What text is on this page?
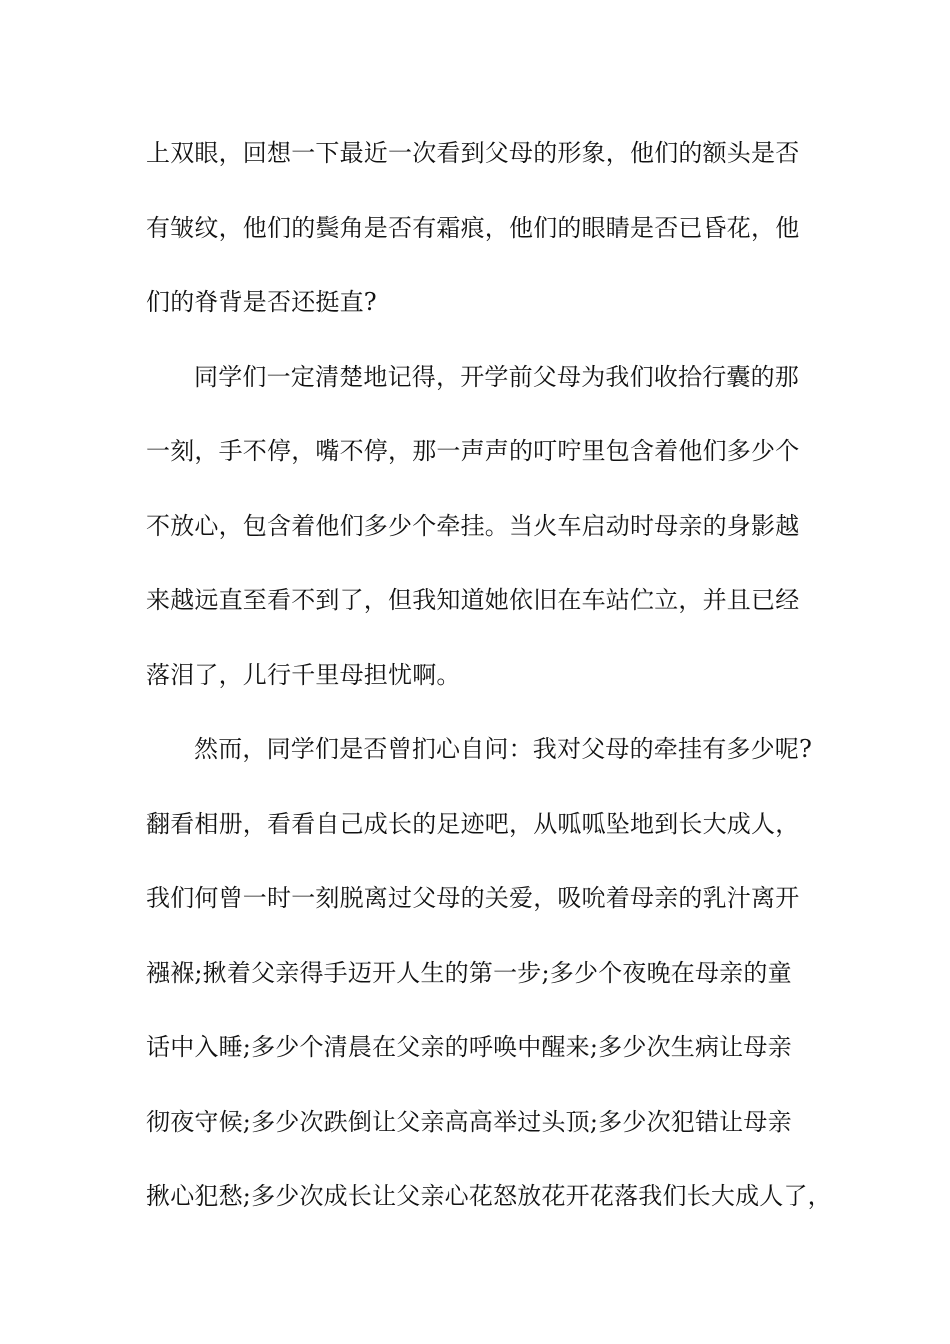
上双眼，回想一下最近一次看到父母的形象，他们的额头是否
有皱纹，他们的鬓角是否有霜痕，他们的眼睛是否已昏花，他
们的脊背是否还挺直?
同学们一定清楚地记得，开学前父母为我们收拾行囊的那
一刻，手不停，嘴不停，那一声声的叮咛里包含着他们多少个
不放心，包含着他们多少个牵挂。当火车启动时母亲的身影越
来越远直至看不到了，但我知道她依旧在车站伫立，并且已经
落泪了，儿行千里母担忧啊。
然而，同学们是否曾扪心自问：我对父母的牵挂有多少呢?
翻看相册，看看自己成长的足迹吧，从呱呱坠地到长大成人，
我们何曾一时一刻脱离过父母的关爱，吸吮着母亲的乳汁离开
襁褓;揪着父亲得手迈开人生的第一步;多少个夜晚在母亲的童
话中入睡;多少个清晨在父亲的呼唤中醒来;多少次生病让母亲
彻夜守候;多少次跌倒让父亲高高举过头顶;多少次犯错让母亲
揪心犯愁;多少次成长让父亲心花怒放花开花落我们长大成人了，
